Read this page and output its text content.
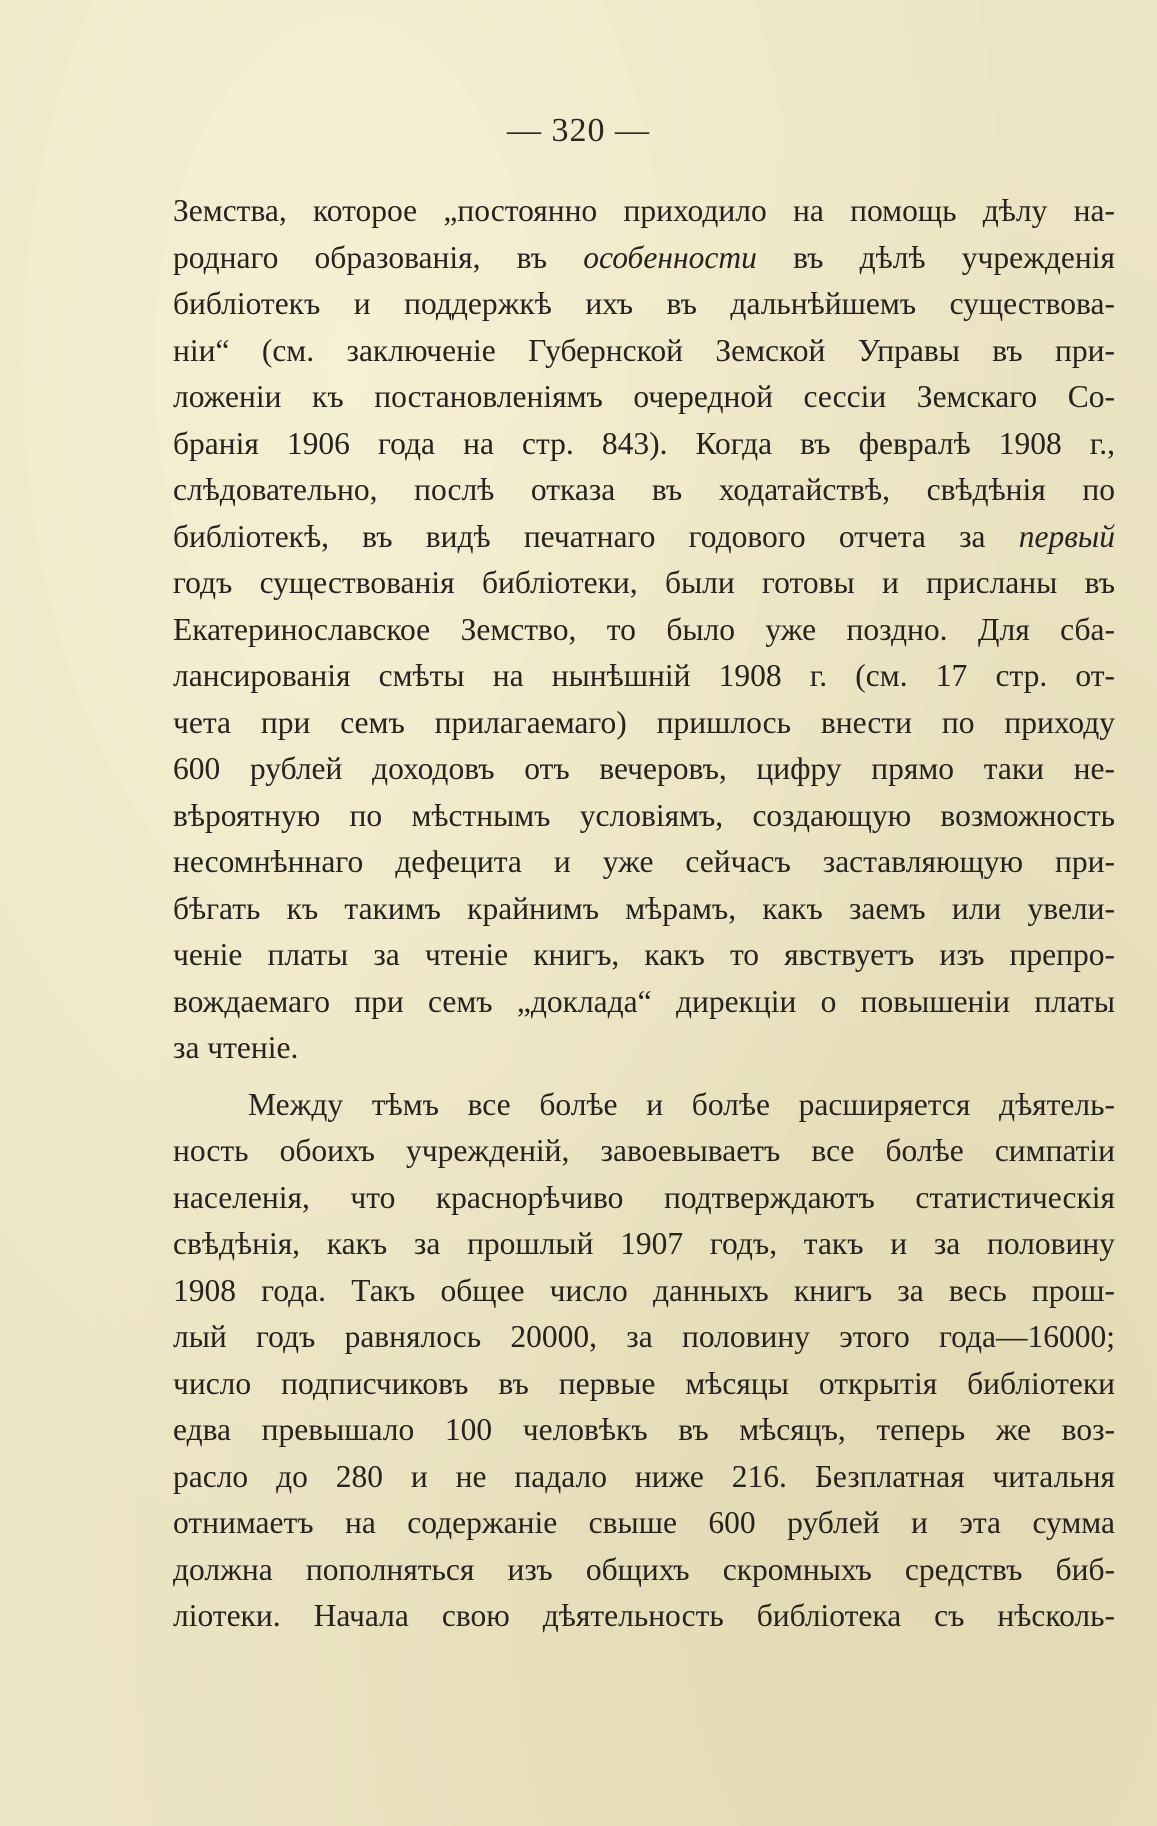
— 320 —
Земства, которое „постоянно приходило на помощь дѣлу на-
роднаго образованія, въ особенности въ дѣлѣ учрежденія
библіотекъ и поддержкѣ ихъ въ дальнѣйшемъ существова-
ніи“ (см. заключеніе Губернской Земской Управы въ при-
ложеніи къ постановленіямъ очередной сессіи Земскаго Со-
бранія 1906 года на стр. 843). Когда въ февралѣ 1908 г.,
слѣдовательно, послѣ отказа въ ходатайствѣ, свѣдѣнія по
библіотекѣ, въ видѣ печатнаго годового отчета за первый
годъ существованія библіотеки, были готовы и присланы въ
Екатеринославское Земство, то было уже поздно. Для сба-
лансированія смѣты на нынѣшній 1908 г. (см. 17 стр. от-
чета при семъ прилагаемаго) пришлось внести по приходу
600 рублей доходовъ отъ вечеровъ, цифру прямо таки не-
вѣроятную по мѣстнымъ условіямъ, создающую возможность
несомнѣннаго дефецита и уже сейчасъ заставляющую при-
бѣгать къ такимъ крайнимъ мѣрамъ, какъ заемъ или увели-
ченіе платы за чтеніе книгъ, какъ то явствуетъ изъ препро-
вождаемаго при семъ „доклада“ дирекціи о повышеніи платы
за чтеніе.
Между тѣмъ все болѣе и болѣе расширяется дѣятель-
ность обоихъ учрежденій, завоевываетъ все болѣе симпатіи
населенія, что краснорѣчиво подтверждаютъ статистическія
свѣдѣнія, какъ за прошлый 1907 годъ, такъ и за половину
1908 года. Такъ общее число данныхъ книгъ за весь прош-
лый годъ равнялось 20000, за половину этого года—16000;
число подписчиковъ въ первые мѣсяцы открытія библіотеки
едва превышало 100 человѣкъ въ мѣсяцъ, теперь же воз-
расло до 280 и не падало ниже 216. Безплатная читальня
отнимаетъ на содержаніе свыше 600 рублей и эта сумма
должна пополняться изъ общихъ скромныхъ средствъ биб-
ліотеки. Начала свою дѣятельность библіотека съ нѣсколь-
